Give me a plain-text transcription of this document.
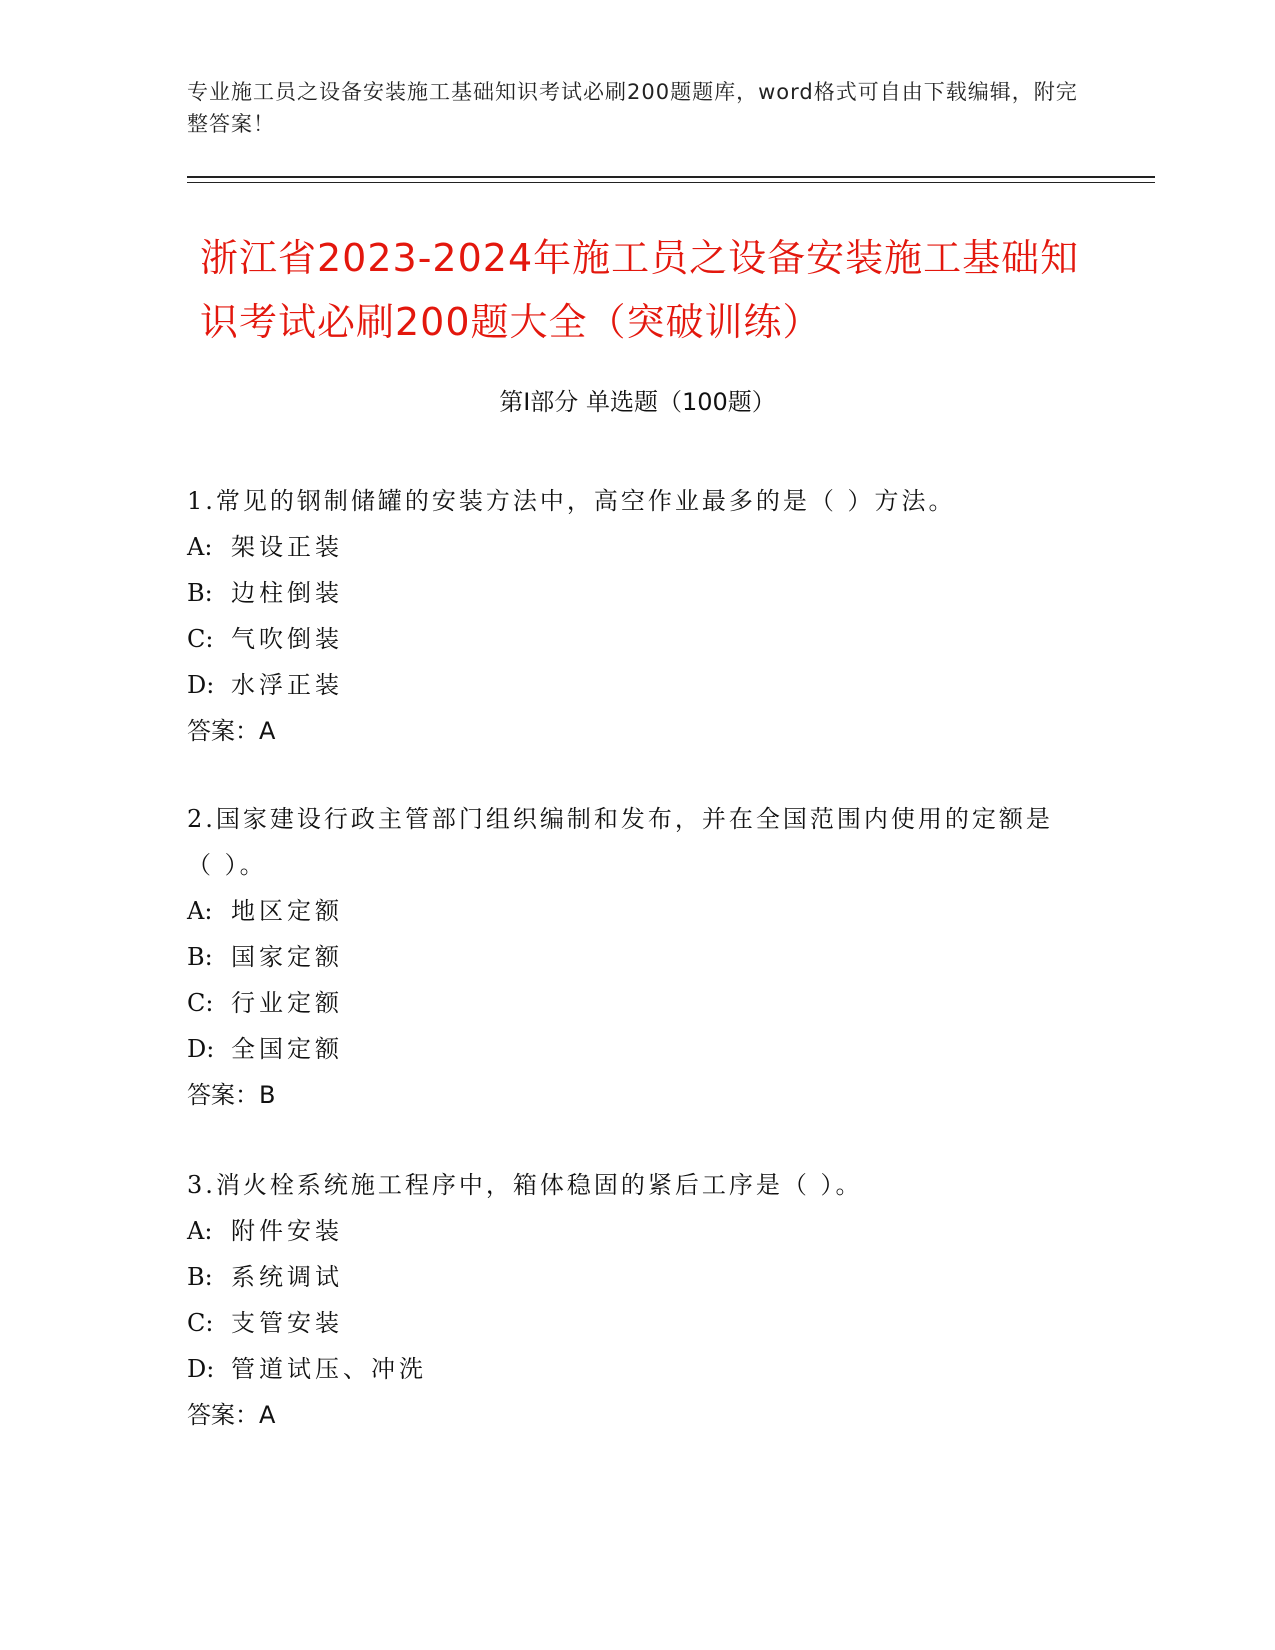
专业施工员之设备安装施工基础知识考试必刷200题题库，word格式可自由下载编辑，附完整答案！
浙江省2023-2024年施工员之设备安装施工基础知识考试必刷200题大全（突破训练）
第Ⅰ部分 单选题（100题）
1.常见的钢制储罐的安装方法中，高空作业最多的是（ ）方法。
A: 架设正装
B: 边柱倒装
C: 气吹倒装
D: 水浮正装
答案：A
2.国家建设行政主管部门组织编制和发布，并在全国范围内使用的定额是（ ）。
A: 地区定额
B: 国家定额
C: 行业定额
D: 全国定额
答案：B
3.消火栓系统施工程序中，箱体稳固的紧后工序是（ ）。
A: 附件安装
B: 系统调试
C: 支管安装
D: 管道试压、冲洗
答案：A
